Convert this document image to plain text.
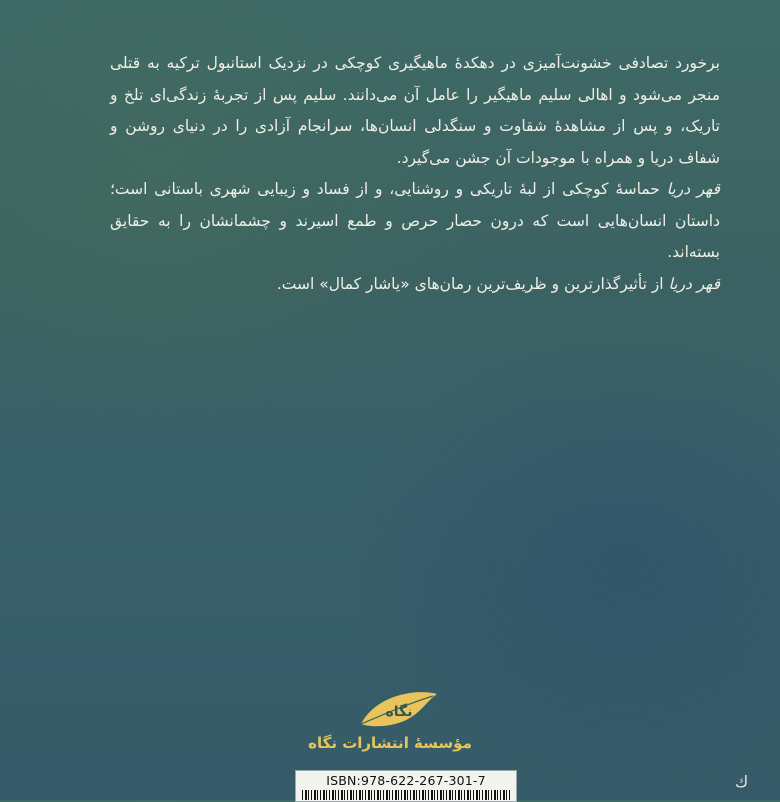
برخورد تصادفی خشونت‌آمیزی در دهکدهٔ ماهیگیری کوچکی در نزدیک استانبول ترکیه به قتلی منجر می‌شود و اهالی سلیم ماهیگیر را عامل آن می‌دانند. سلیم پس از تجربهٔ زندگی‌ای تلخ و تاریک، و پس از مشاهدهٔ شقاوت و سنگدلی انسان‌ها، سرانجام آزادی را در دنیای روشن و شفاف دریا و همراه با موجودات آن جشن می‌گیرد.

قهر دریا حماسهٔ کوچکی از لبهٔ تاریکی و روشنایی، و از فساد و زیبایی شهری باستانی است؛ داستان انسان‌هایی است که درون حصار حرص و طمع اسیرند و چشمانشان را به حقایق بسته‌اند.

قهر دریا از تأثیرگذارترین و ظریف‌ترین رمان‌های «یاشار کمال» است.

نگاه
مؤسسهٔ انتشارات نگاه
ISBN:978-622-267-301-7	ك
